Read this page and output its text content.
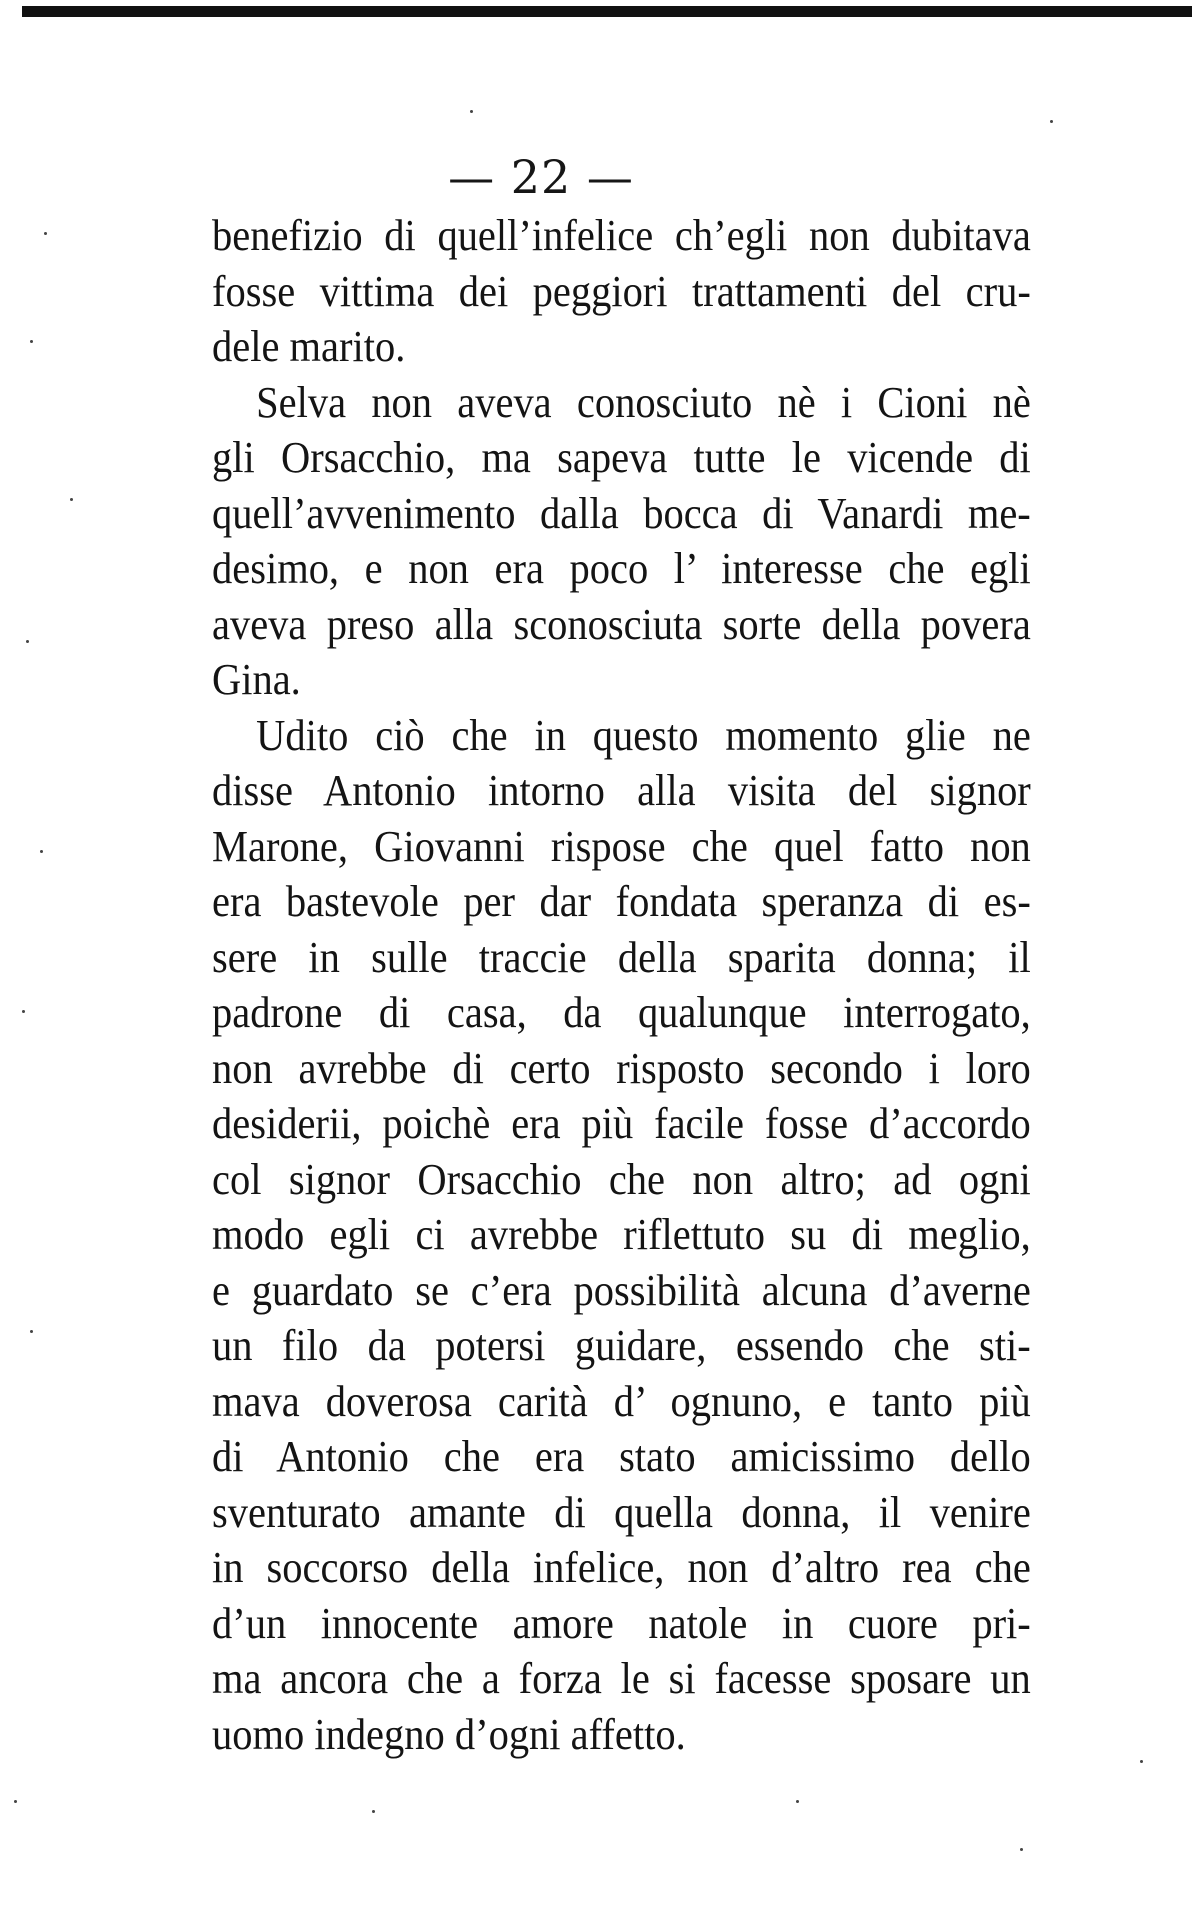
— 22 —
benefizio di quell’infelice ch’egli non dubitava
fosse vittima dei peggiori trattamenti del cru-
dele marito.
Selva non aveva conosciuto nè i Cioni nè
gli Orsacchio, ma sapeva tutte le vicende di
quell’avvenimento dalla bocca di Vanardi me-
desimo, e non era poco l’ interesse che egli
aveva preso alla sconosciuta sorte della povera
Gina.
Udito ciò che in questo momento glie ne
disse Antonio intorno alla visita del signor
Marone, Giovanni rispose che quel fatto non
era bastevole per dar fondata speranza di es-
sere in sulle traccie della sparita donna; il
padrone di casa, da qualunque interrogato,
non avrebbe di certo risposto secondo i loro
desiderii, poichè era più facile fosse d’accordo
col signor Orsacchio che non altro; ad ogni
modo egli ci avrebbe riflettuto su di meglio,
e guardato se c’era possibilità alcuna d’averne
un filo da potersi guidare, essendo che sti-
mava doverosa carità d’ ognuno, e tanto più
di Antonio che era stato amicissimo dello
sventurato amante di quella donna, il venire
in soccorso della infelice, non d’altro rea che
d’un innocente amore natole in cuore pri-
ma ancora che a forza le si facesse sposare un
uomo indegno d’ogni affetto.
